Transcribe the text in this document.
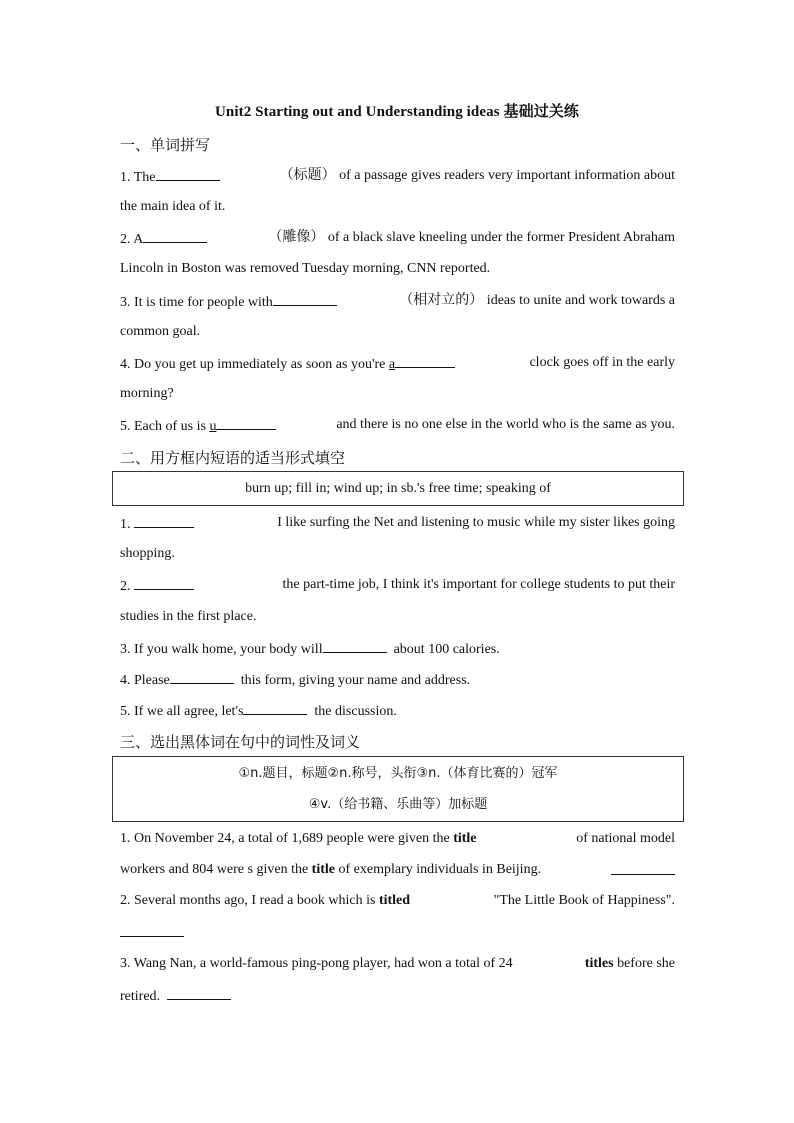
Unit2 Starting out and Understanding ideas 基础过关练
一、单词拼写
1. The	（标题） of a passage gives readers very important information about
the main idea of it.
2. A	（雕像） of a black slave kneeling under the former President Abraham
Lincoln in Boston was removed Tuesday morning, CNN reported.
3. It is time for people with	（相对立的） ideas to unite and work towards a
common goal.
4. Do you get up immediately as soon as you're a	clock goes off in the early
morning?
5. Each of us is u	and there is no one else in the world who is the same as you.
二、用方框内短语的适当形式填空
burn up; fill in; wind up; in sb.'s free time; speaking of
1.	I like surfing the Net and listening to music while my sister likes going
shopping.
2.	the part-time job, I think it's important for college students to put their
studies in the first place.
3. If you walk home, your body will	about 100 calories.
4. Please	this form, giving your name and address.
5. If we all agree, let's	the discussion.
三、选出黑体词在句中的词性及词义
①n.题目，标题②n.称号，头衔③n.（体育比赛的）冠军
④v.（给书籍、乐曲等）加标题
1. On November 24, a total of 1,689 people were given the title	of national model
workers and 804 were s given the title of exemplary individuals in Beijing.
2. Several months ago, I read a book which is titled	"The Little Book of Happiness".
3. Wang Nan, a world-famous ping-pong player, had won a total of 24	titles before she
retired.
